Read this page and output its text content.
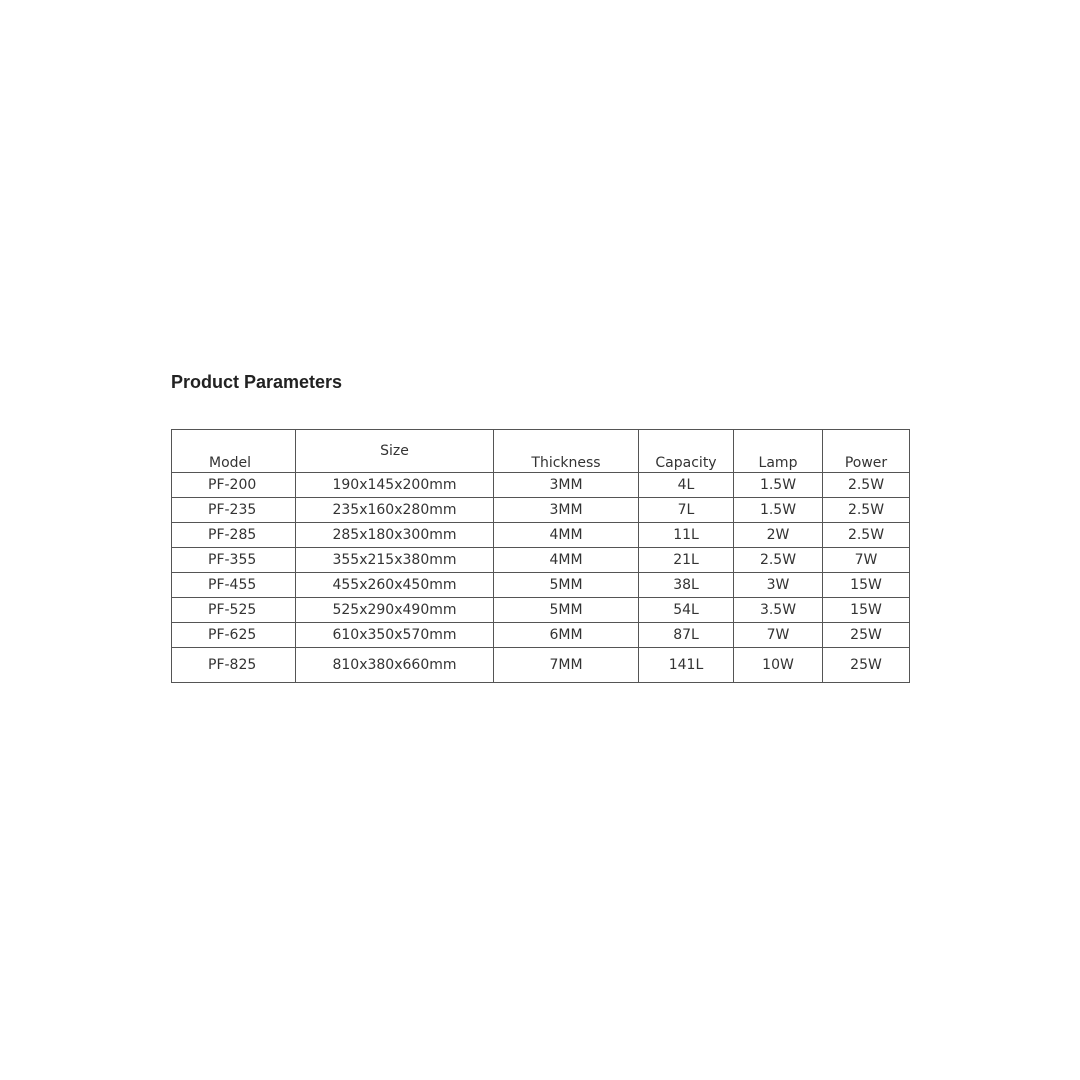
Product Parameters
Model	Size	Thickness	Capacity	Lamp	Power
PF-200	190x145x200mm	3MM	4L	1.5W	2.5W
PF-235	235x160x280mm	3MM	7L	1.5W	2.5W
PF-285	285x180x300mm	4MM	11L	2W	2.5W
PF-355	355x215x380mm	4MM	21L	2.5W	7W
PF-455	455x260x450mm	5MM	38L	3W	15W
PF-525	525x290x490mm	5MM	54L	3.5W	15W
PF-625	610x350x570mm	6MM	87L	7W	25W
PF-825	810x380x660mm	7MM	141L	10W	25W
